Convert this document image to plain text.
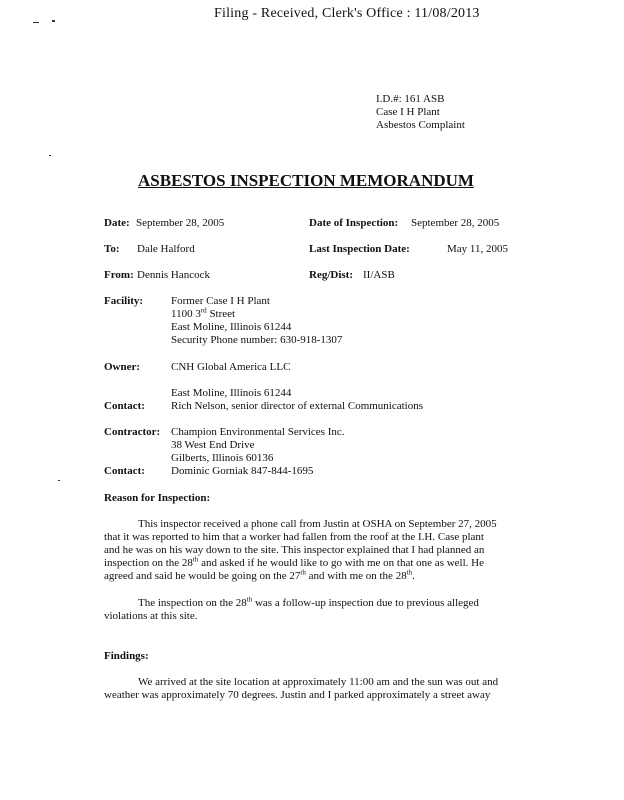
Filing - Received, Clerk's Office : 11/08/2013
I.D.#: 161 ASB
Case I H Plant
Asbestos Complaint
ASBESTOS INSPECTION MEMORANDUM
Date: September 28, 2005	Date of Inspection: September 28, 2005
To: Dale Halford	Last Inspection Date:	May 11, 2005
From: Dennis Hancock	Reg/Dist: II/ASB
Facility:	Former Case I H Plant
1100 3rd Street
East Moline, Illinois 61244
Security Phone number: 630-918-1307
Owner:	CNH Global America LLC
East Moline, Illinois 61244
Contact: Rich Nelson, senior director of external Communications
Contractor: Champion Environmental Services Inc.
38 West End Drive
Gilberts, Illinois 60136
Contact: Dominic Gorniak 847-844-1695
Reason for Inspection:
This inspector received a phone call from Justin at OSHA on September 27, 2005
that it was reported to him that a worker had fallen from the roof at the I.H. Case plant
and he was on his way down to the site. This inspector explained that I had planned an
inspection on the 28th and asked if he would like to go with me on that one as well. He
agreed and said he would be going on the 27th and with me on the 28th.
The inspection on the 28th was a follow-up inspection due to previous alleged
violations at this site.
Findings:
We arrived at the site location at approximately 11:00 am and the sun was out and
weather was approximately 70 degrees. Justin and I parked approximately a street away
